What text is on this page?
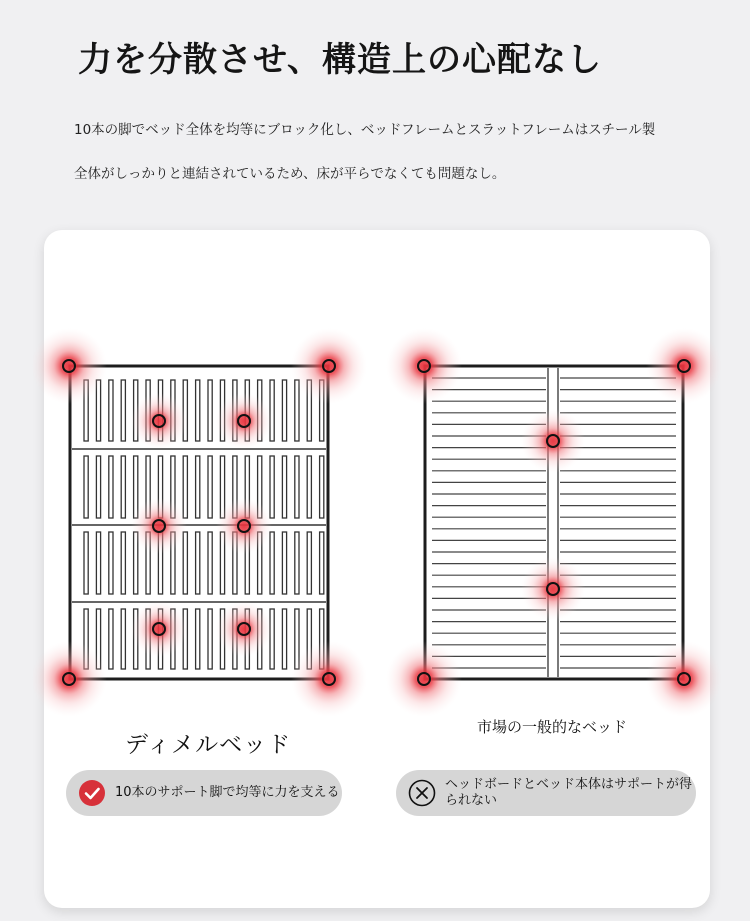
力を分散させ、構造上の心配なし
10本の脚でベッド全体を均等にブロック化し、ベッドフレームとスラットフレームはスチール製
全体がしっかりと連結されているため、床が平らでなくても問題なし。
ディメルベッド
市場の一般的なベッド
10本のサポート脚で均等に力を支える
ヘッドボードとベッド本体はサポートが得られない
